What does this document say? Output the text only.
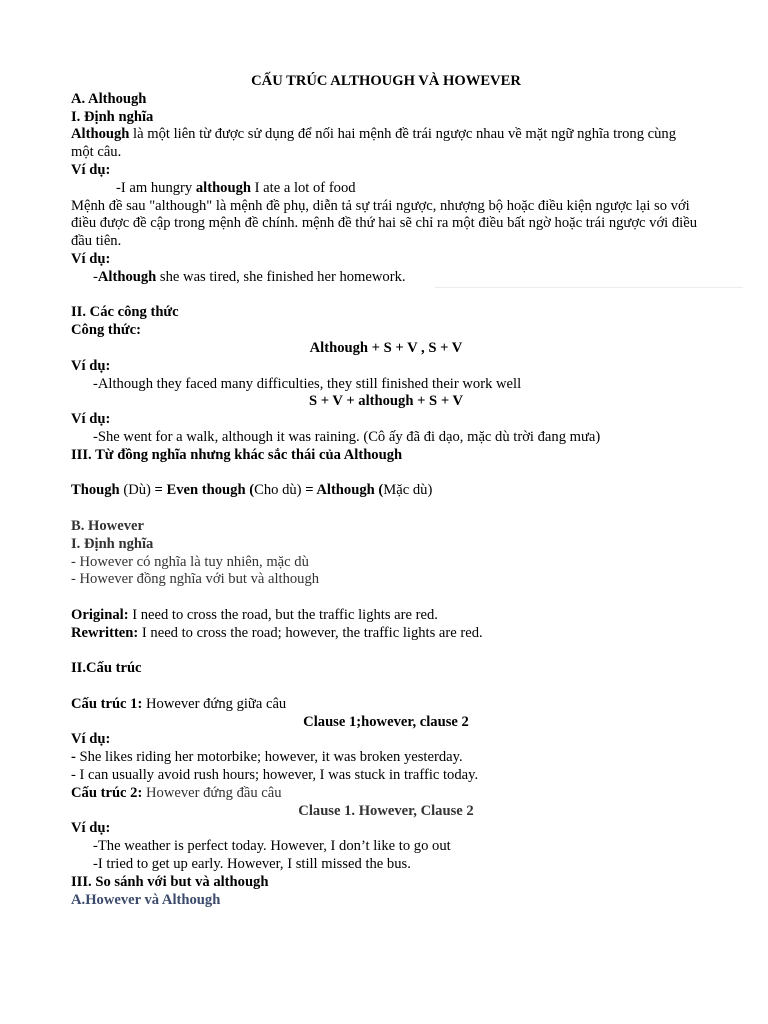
CẤU TRÚC ALTHOUGH VÀ HOWEVER
A. Although
I. Định nghĩa
Although là một liên từ được sử dụng để nối hai mệnh đề trái ngược nhau về mặt ngữ nghĩa trong cùng một câu.
Ví dụ:
-I am hungry although I ate a lot of food
Mệnh đề sau "although" là mệnh đề phụ, diễn tả sự trái ngược, nhượng bộ hoặc điều kiện ngược lại so với điều được đề cập trong mệnh đề chính. mệnh đề thứ hai sẽ chỉ ra một điều bất ngờ hoặc trái ngược với điều đầu tiên.
Ví dụ:
-Although she was tired, she finished her homework.
II. Các công thức
Công thức:
Although + S + V , S + V
Ví dụ:
-Although they faced many difficulties, they still finished their work well
S + V + although + S + V
Ví dụ:
-She went for a walk, although it was raining. (Cô ấy đã đi dạo, mặc dù trời đang mưa)
III. Từ đồng nghĩa nhưng khác sắc thái của Although
Though (Dù) = Even though (Cho dù) = Although (Mặc dù)
B. However
I. Định nghĩa
- However có nghĩa là tuy nhiên, mặc dù
- However đồng nghĩa với but và although
Original: I need to cross the road, but the traffic lights are red.
Rewritten: I need to cross the road; however, the traffic lights are red.
II.Cấu trúc
Cấu trúc 1: However đứng giữa câu
Clause 1;however, clause 2
Ví dụ:
- She likes riding her motorbike; however, it was broken yesterday.
- I can usually avoid rush hours; however, I was stuck in traffic today.
Cấu trúc 2: However đứng đầu câu
Clause 1. However, Clause 2
Ví dụ:
-The weather is perfect today. However, I don’t like to go out
-I tried to get up early. However, I still missed the bus.
III. So sánh với but và although
A.However và Although
